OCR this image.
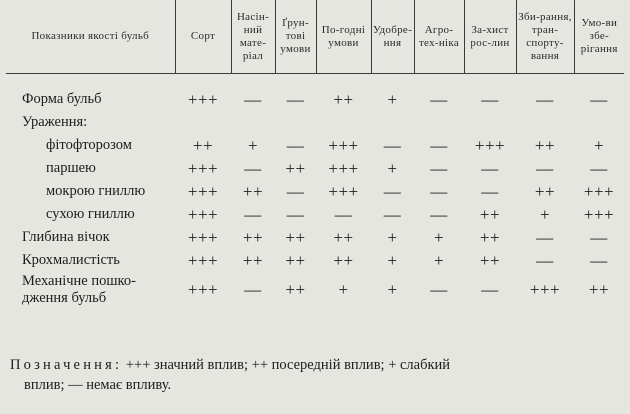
Показники якості бульб	Сорт	Насін-ний мате-ріал	Ґрун-тові умови	По-годні умови	Удобре-ння	Агро-тех-ніка	За-хист рос-лин	Зби-рання, тран-спорту-вання	Умо-ви збе-рігання

Форма бульб	+++	—	—	++	+	—	—	—	—
Ураження:									
фітофторозом	++	+	—	+++	—	—	+++	++	+
паршею	+++	—	++	+++	+	—	—	—	—
мокрою гниллю	+++	++	—	+++	—	—	—	++	+++
сухою гниллю	+++	—	—	—	—	—	++	+	+++
Глибина вічок	+++	++	++	++	+	+	++	—	—
Крохмалистість	+++	++	++	++	+	+	++	—	—
Механічне пошко-дження бульб	+++	—	++	+	+	—	—	+++	++
Позначення: +++ значний вплив; ++ посередній вплив; + слабкий
вплив; — немає впливу.
